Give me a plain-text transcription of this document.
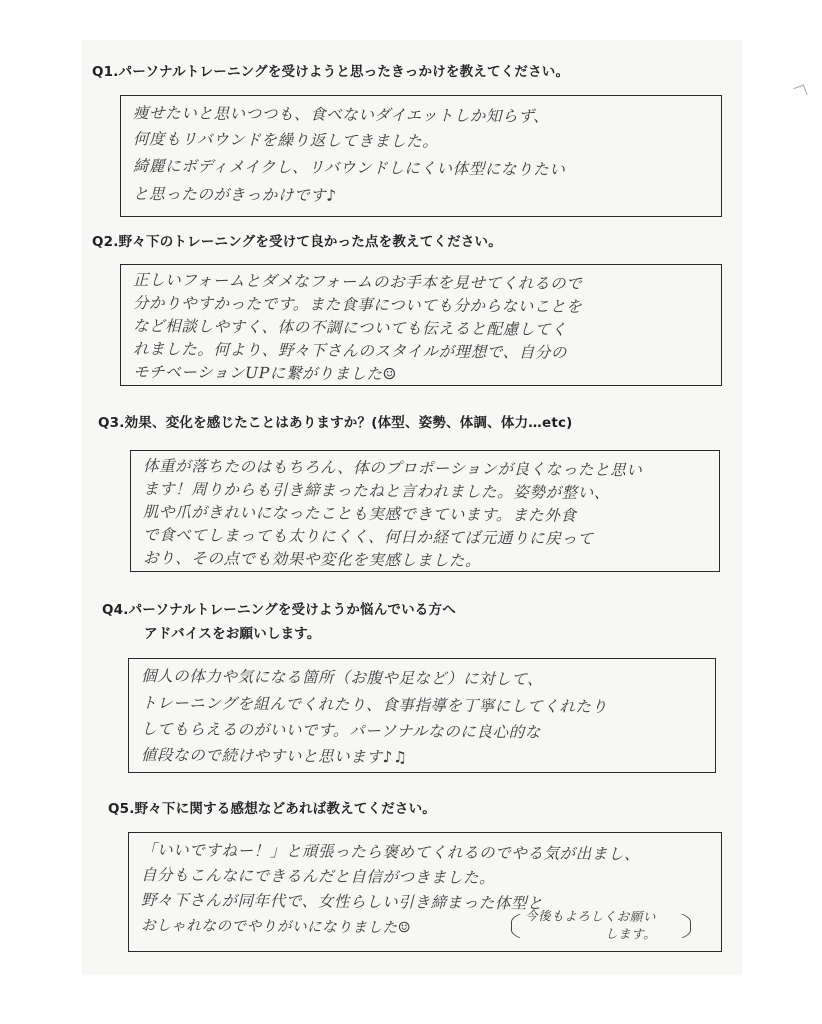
Q1.パーソナルトレーニングを受けようと思ったきっかけを教えてください。
痩せたいと思いつつも、食べないダイエットしか知らず、
何度もリバウンドを繰り返してきました。
綺麗にボディメイクし、リバウンドしにくい体型になりたい
と思ったのがきっかけです♪
Q2.野々下のトレーニングを受けて良かった点を教えてください。
正しいフォームとダメなフォームのお手本を見せてくれるので
分かりやすかったです。また食事についても分からないことを
など相談しやすく、体の不調についても伝えると配慮してく
れました。何より、野々下さんのスタイルが理想で、自分の
モチベーションUPに繋がりました☺
Q3.効果、変化を感じたことはありますか？(体型、姿勢、体調、体力…etc)
体重が落ちたのはもちろん、体のプロポーションが良くなったと思い
ます！周りからも引き締まったねと言われました。姿勢が整い、
肌や爪がきれいになったことも実感できています。また外食
で食べてしまっても太りにくく、何日か経てば元通りに戻って
おり、その点でも効果や変化を実感しました。
Q4.パーソナルトレーニングを受けようか悩んでいる方へ
アドバイスをお願いします。
個人の体力や気になる箇所（お腹や足など）に対して、
トレーニングを組んでくれたり、食事指導を丁寧にしてくれたり
してもらえるのがいいです。パーソナルなのに良心的な
値段なので続けやすいと思います♪♫
Q5.野々下に関する感想などあれば教えてください。
「いいですねー！」と頑張ったら褒めてくれるのでやる気が出まし、
自分もこんなにできるんだと自信がつきました。
野々下さんが同年代で、女性らしい引き締まった体型と
おしゃれなのでやりがいになりました☺
今後もよろしくお願い
します。
